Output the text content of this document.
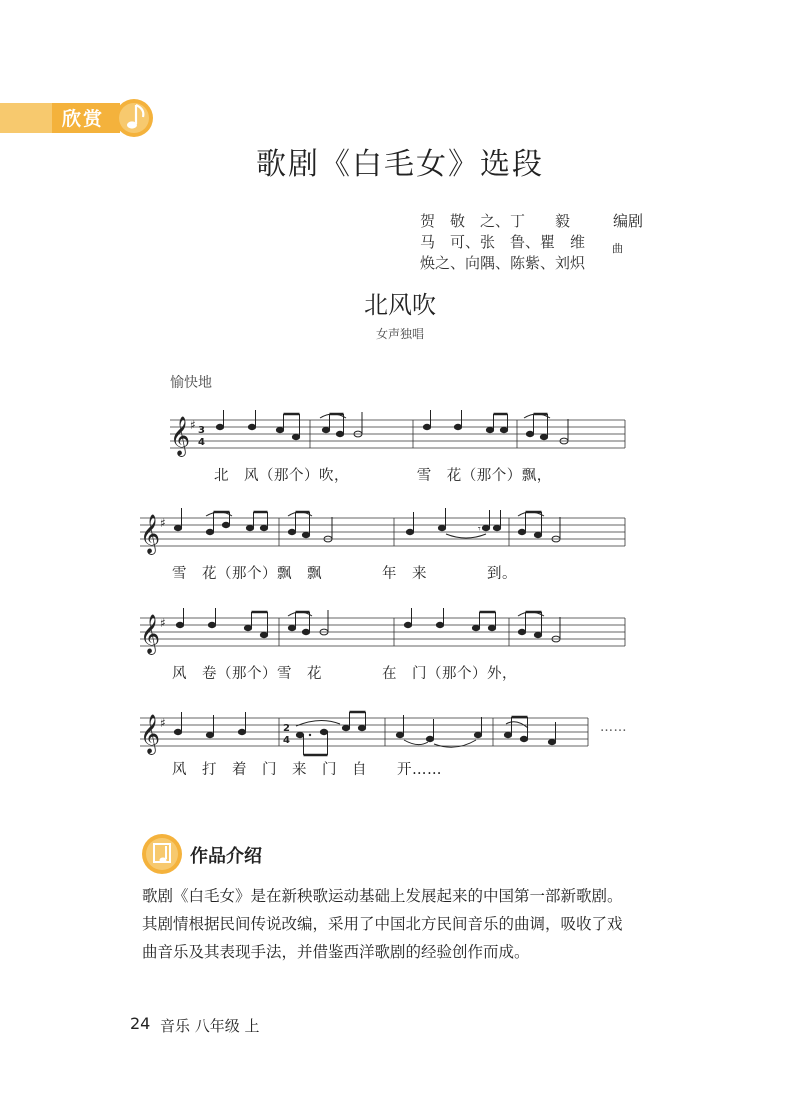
欣赏
歌剧《白毛女》选段
贺　敬　之、丁　　毅
马　可、张　鲁、瞿　维
焕之、向隅、陈紫、刘炽
编剧
曲
北风吹
女声独唱
愉快地
𝄞 ♯ 3
4
北　风（那个）吹，　　　　　雪　花（那个）飘，
𝄞 ♯	𝄾
雪　花（那个）飘　飘　　　　年　来　　　　到。
𝄞 ♯
风　卷（那个）雪　花　　　　在　门（那个）外，
𝄞 ♯	2
4
……
风　打　着　门　来　门　自　　开……
作品介绍
歌剧《白毛女》是在新秧歌运动基础上发展起来的中国第一部新歌剧。
其剧情根据民间传说改编，采用了中国北方民间音乐的曲调，吸收了戏
曲音乐及其表现手法，并借鉴西洋歌剧的经验创作而成。
24 音乐 八年级 上
